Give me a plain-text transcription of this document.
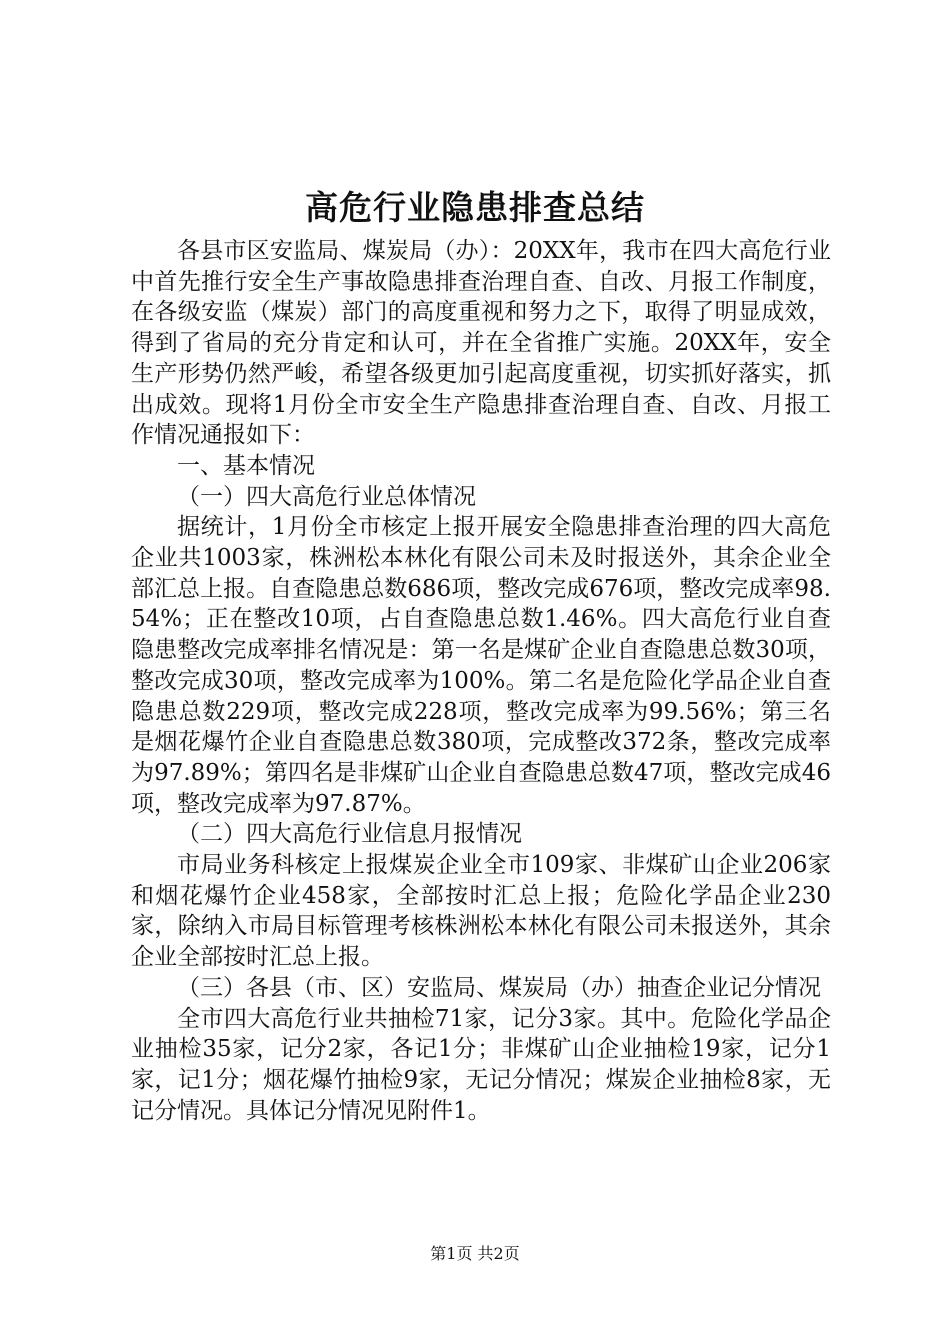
高危行业隐患排查总结

各县市区安监局、煤炭局（办）：20XX年，我市在四大高危行业中首先推行安全生产事故隐患排查治理自查、自改、月报工作制度，在各级安监（煤炭）部门的高度重视和努力之下，取得了明显成效，得到了省局的充分肯定和认可，并在全省推广实施。20XX年，安全生产形势仍然严峻，希望各级更加引起高度重视，切实抓好落实，抓出成效。现将1月份全市安全生产隐患排查治理自查、自改、月报工作情况通报如下：

一、基本情况

（一）四大高危行业总体情况

据统计，1月份全市核定上报开展安全隐患排查治理的四大高危企业共1003家，株洲松本林化有限公司未及时报送外，其余企业全部汇总上报。自查隐患总数686项，整改完成676项，整改完成率98.54%；正在整改10项，占自查隐患总数1.46%。四大高危行业自查隐患整改完成率排名情况是：第一名是煤矿企业自查隐患总数30项，整改完成30项，整改完成率为100%。第二名是危险化学品企业自查隐患总数229项，整改完成228项，整改完成率为99.56%；第三名是烟花爆竹企业自查隐患总数380项，完成整改372条，整改完成率为97.89%；第四名是非煤矿山企业自查隐患总数47项，整改完成46项，整改完成率为97.87%。

（二）四大高危行业信息月报情况

市局业务科核定上报煤炭企业全市109家、非煤矿山企业206家和烟花爆竹企业458家，全部按时汇总上报；危险化学品企业230家，除纳入市局目标管理考核株洲松本林化有限公司未报送外，其余企业全部按时汇总上报。

（三）各县（市、区）安监局、煤炭局（办）抽查企业记分情况

全市四大高危行业共抽检71家，记分3家。其中。危险化学品企业抽检35家，记分2家，各记1分；非煤矿山企业抽检19家，记分1家，记1分；烟花爆竹抽检9家，无记分情况；煤炭企业抽检8家，无记分情况。具体记分情况见附件1。

第1页 共2页
